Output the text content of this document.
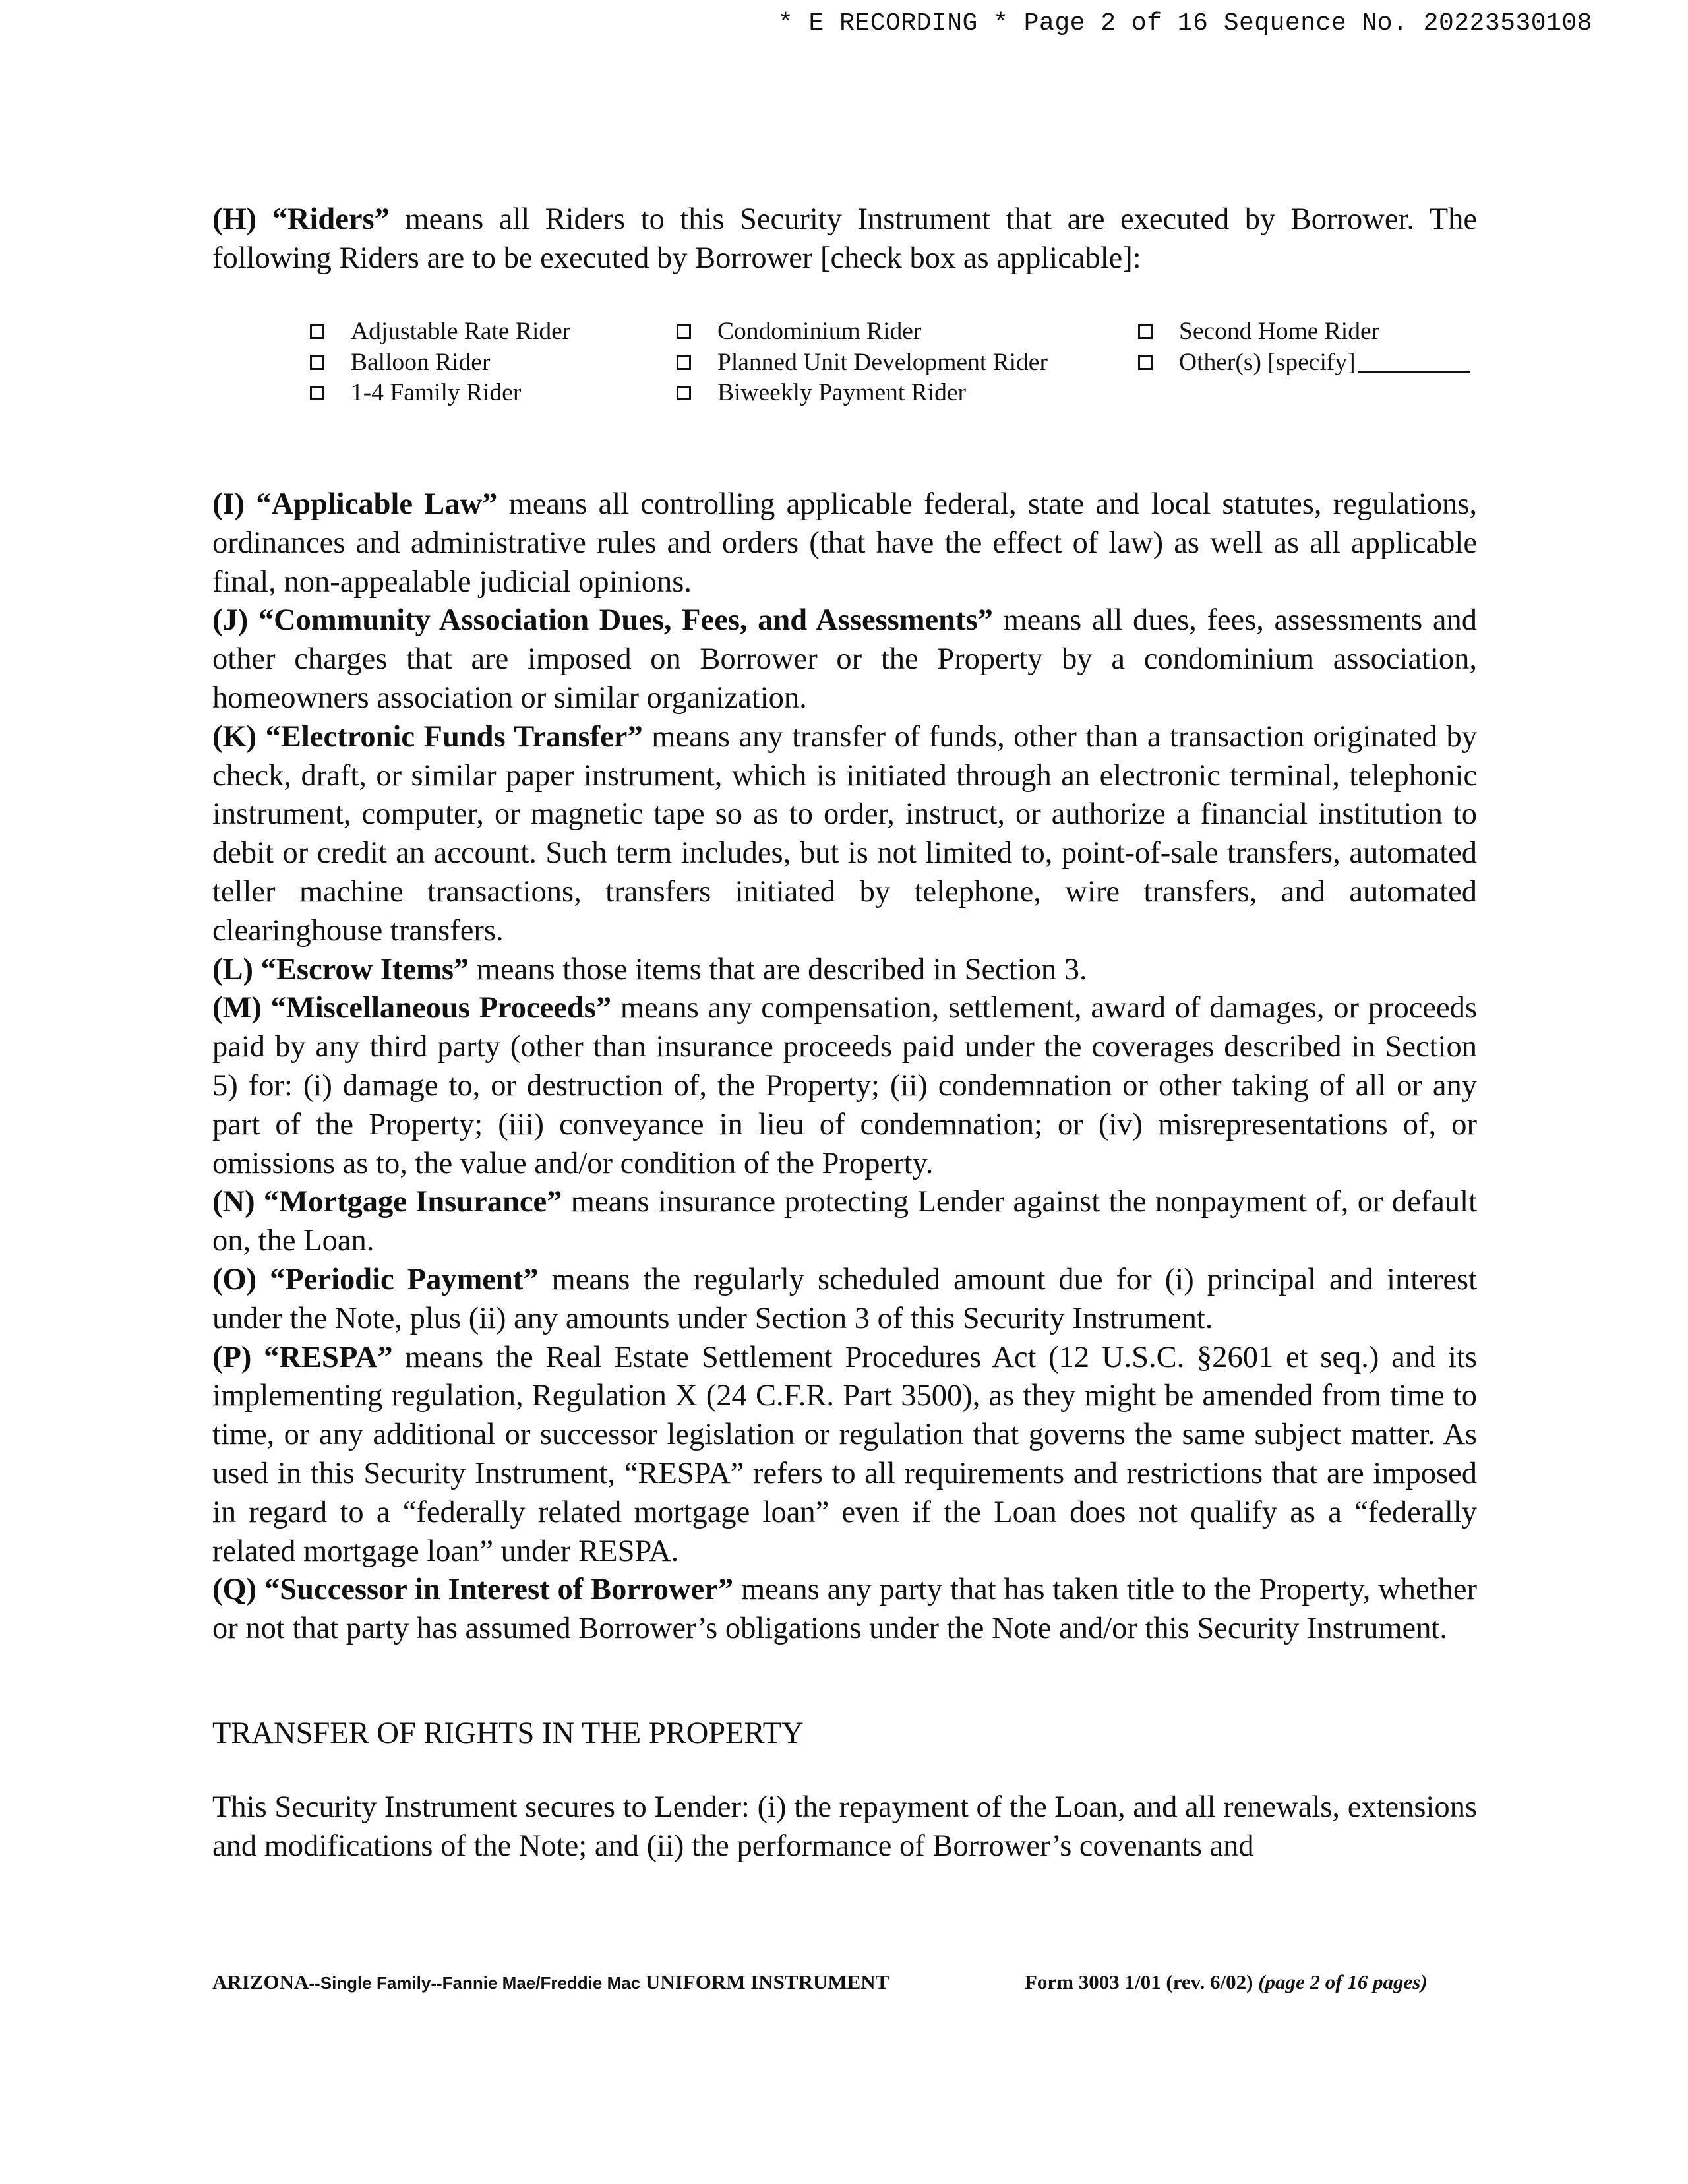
* E RECORDING * Page 2 of 16 Sequence No. 20223530108

(H) “Riders” means all Riders to this Security Instrument that are executed by Borrower. The following Riders are to be executed by Borrower [check box as applicable]:

Adjustable Rate Rider
Balloon Rider
1-4 Family Rider
Condominium Rider
Planned Unit Development Rider
Biweekly Payment Rider
Second Home Rider
Other(s) [specify]

(I) “Applicable Law” means all controlling applicable federal, state and local statutes, regulations, ordinances and administrative rules and orders (that have the effect of law) as well as all applicable final, non-appealable judicial opinions.

(J) “Community Association Dues, Fees, and Assessments” means all dues, fees, assessments and other charges that are imposed on Borrower or the Property by a condominium association, homeowners association or similar organization.

(K) “Electronic Funds Transfer” means any transfer of funds, other than a transaction originated by check, draft, or similar paper instrument, which is initiated through an electronic terminal, telephonic instrument, computer, or magnetic tape so as to order, instruct, or authorize a financial institution to debit or credit an account. Such term includes, but is not limited to, point-of-sale transfers, automated teller machine transactions, transfers initiated by telephone, wire transfers, and automated clearinghouse transfers.

(L) “Escrow Items” means those items that are described in Section 3.

(M) “Miscellaneous Proceeds” means any compensation, settlement, award of damages, or proceeds paid by any third party (other than insurance proceeds paid under the coverages described in Section 5) for: (i) damage to, or destruction of, the Property; (ii) condemnation or other taking of all or any part of the Property; (iii) conveyance in lieu of condemnation; or (iv) misrepresentations of, or omissions as to, the value and/or condition of the Property.

(N) “Mortgage Insurance” means insurance protecting Lender against the nonpayment of, or default on, the Loan.

(O) “Periodic Payment” means the regularly scheduled amount due for (i) principal and interest under the Note, plus (ii) any amounts under Section 3 of this Security Instrument.

(P) “RESPA” means the Real Estate Settlement Procedures Act (12 U.S.C. §2601 et seq.) and its implementing regulation, Regulation X (24 C.F.R. Part 3500), as they might be amended from time to time, or any additional or successor legislation or regulation that governs the same subject matter. As used in this Security Instrument, “RESPA” refers to all requirements and restrictions that are imposed in regard to a “federally related mortgage loan” even if the Loan does not qualify as a “federally related mortgage loan” under RESPA.

(Q) “Successor in Interest of Borrower” means any party that has taken title to the Property, whether or not that party has assumed Borrower’s obligations under the Note and/or this Security Instrument.

TRANSFER OF RIGHTS IN THE PROPERTY

This Security Instrument secures to Lender: (i) the repayment of the Loan, and all renewals, extensions and modifications of the Note; and (ii) the performance of Borrower’s covenants and

ARIZONA--Single Family--Fannie Mae/Freddie Mac UNIFORM INSTRUMENT	Form 3003 1/01 (rev. 6/02) (page 2 of 16 pages)
